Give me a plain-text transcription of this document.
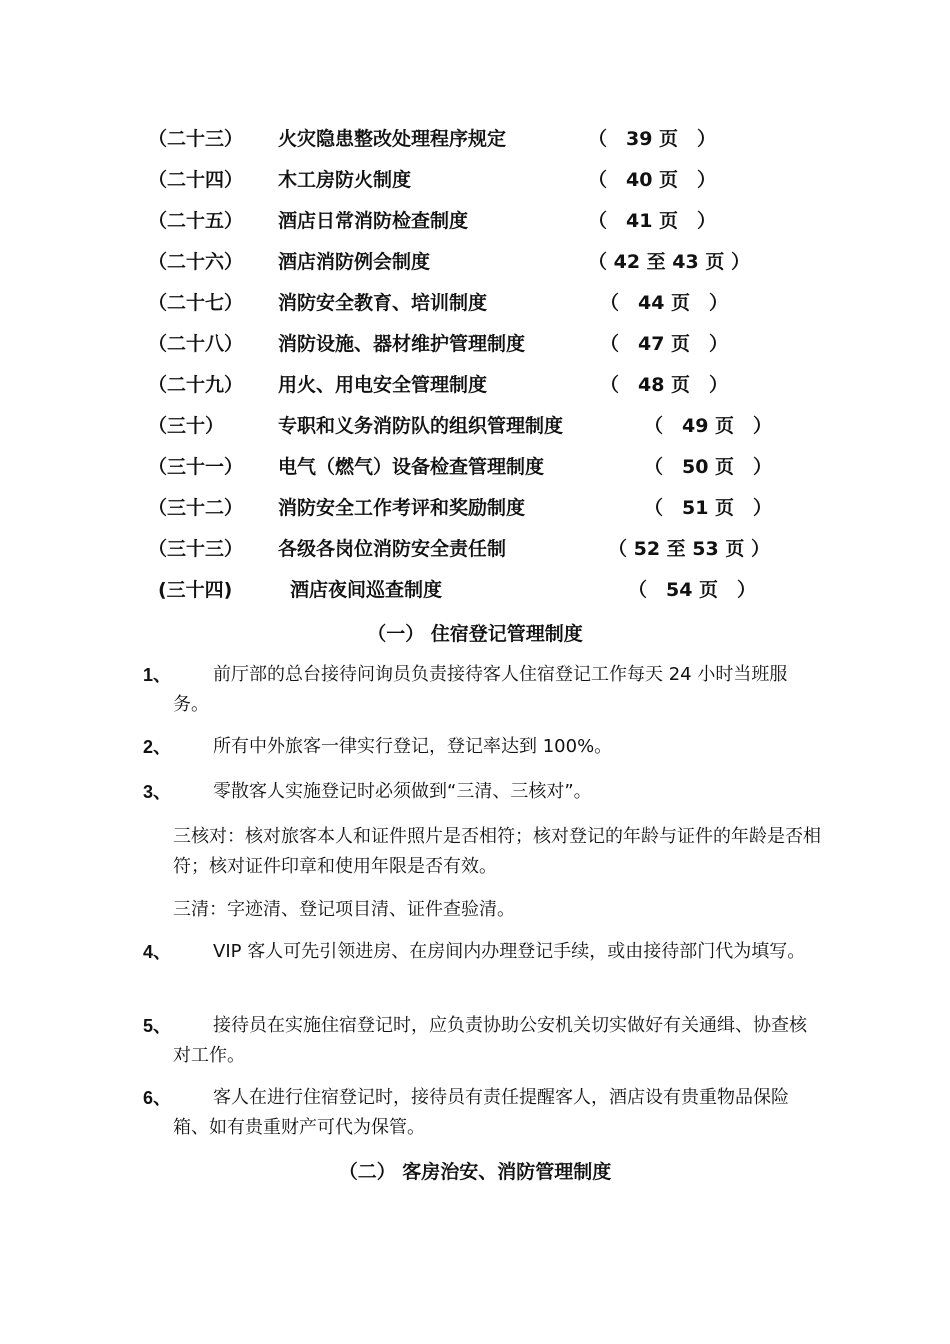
（二十三） 火灾隐患整改处理程序规定	（　39 页　）
（二十四） 木工房防火制度	（　40 页　）
（二十五） 酒店日常消防检查制度	（　41 页　）
（二十六） 酒店消防例会制度	（ 42 至 43 页 ）
（二十七） 消防安全教育、培训制度	（　44 页　）
（二十八） 消防设施、器材维护管理制度	（　47 页　）
（二十九） 用火、用电安全管理制度	（　48 页　）
（三十）	专职和义务消防队的组织管理制度	（　49 页　）
（三十一） 电气（燃气）设备检查管理制度	（　50 页　）
（三十二） 消防安全工作考评和奖励制度	（　51 页　）
（三十三） 各级各岗位消防安全责任制	（ 52 至 53 页 ）
(三十四)	酒店夜间巡查制度	（　54 页　）
（一） 住宿登记管理制度
1、	前厅部的总台接待问询员负责接待客人住宿登记工作每天 24 小时当班服务。
2、	所有中外旅客一律实行登记，登记率达到 100%。
3、	零散客人实施登记时必须做到“三清、三核对”。
三核对：核对旅客本人和证件照片是否相符；核对登记的年龄与证件的年龄是否相符；核对证件印章和使用年限是否有效。
三清：字迹清、登记项目清、证件查验清。
4、	VIP 客人可先引领进房、在房间内办理登记手续，或由接待部门代为填写。
5、	接待员在实施住宿登记时，应负责协助公安机关切实做好有关通缉、协查核对工作。
6、	客人在进行住宿登记时，接待员有责任提醒客人，酒店设有贵重物品保险箱、如有贵重财产可代为保管。
（二） 客房治安、消防管理制度
